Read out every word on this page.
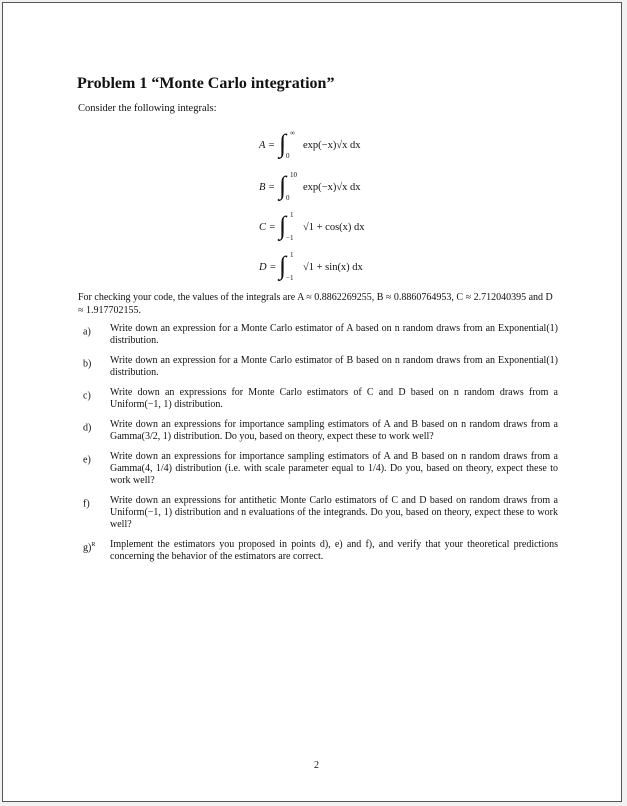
Problem 1 “Monte Carlo integration”

Consider the following integrals:

A = ∫ ∞
0
exp(−x)√x dx
B = ∫ 10
0
exp(−x)√x dx
C = ∫ 1
−1
√1 + cos(x) dx
D = ∫ 1
−1
√1 + sin(x) dx

For checking your code, the values of the integrals are A ≈ 0.8862269255, B ≈ 0.8860764953, C ≈ 2.712040395 and D ≈ 1.917702155.

a) Write down an expression for a Monte Carlo estimator of A based on n random draws from an Exponential(1) distribution.
b) Write down an expression for a Monte Carlo estimator of B based on n random draws from an Exponential(1) distribution.
c) Write down an expressions for Monte Carlo estimators of C and D based on n random draws from a Uniform(−1, 1) distribution.
d) Write down an expressions for importance sampling estimators of A and B based on n random draws from a Gamma(3/2, 1) distribution. Do you, based on theory, expect these to work well?
e) Write down an expressions for importance sampling estimators of A and B based on n random draws from a Gamma(4, 1/4) distribution (i.e. with scale parameter equal to 1/4). Do you, based on theory, expect these to work well?
f) Write down an expressions for antithetic Monte Carlo estimators of C and D based on random draws from a Uniform(−1, 1) distribution and n evaluations of the integrands. Do you, based on theory, expect these to work well?
g)$^R$ Implement the estimators you proposed in points d), e) and f), and verify that your theoretical predictions concerning the behavior of the estimators are correct.
2
